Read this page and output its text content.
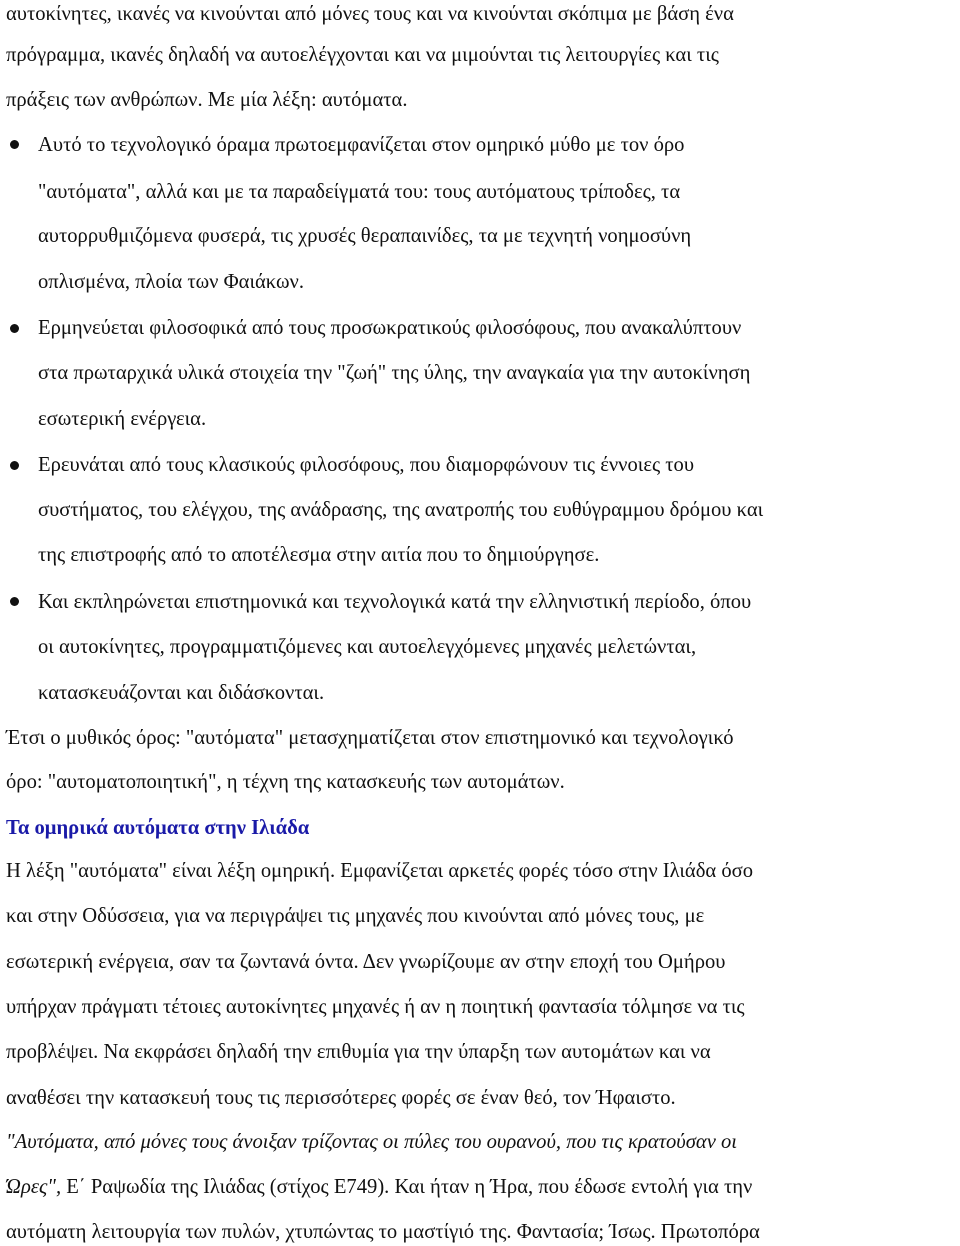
αυτοκίνητες, ικανές να κινούνται από μόνες τους και να κινούνται σκόπιμα με βάση ένα
πρόγραμμα, ικανές δηλαδή να αυτοελέγχονται και να μιμούνται τις λειτουργίες και τις
πράξεις των ανθρώπων. Με μία λέξη: αυτόματα.
Αυτό το τεχνολογικό όραμα πρωτοεμφανίζεται στον ομηρικό μύθο με τον όρο
"αυτόματα", αλλά και με τα παραδείγματά του: τους αυτόματους τρίποδες, τα
αυτορρυθμιζόμενα φυσερά, τις χρυσές θεραπαινίδες, τα με τεχνητή νοημοσύνη
οπλισμένα, πλοία των Φαιάκων.
Ερμηνεύεται φιλοσοφικά από τους προσωκρατικούς φιλοσόφους, που ανακαλύπτουν
στα πρωταρχικά υλικά στοιχεία την "ζωή" της ύλης, την αναγκαία για την αυτοκίνηση
εσωτερική ενέργεια.
Ερευνάται από τους κλασικούς φιλοσόφους, που διαμορφώνουν τις έννοιες του
συστήματος, του ελέγχου, της ανάδρασης, της ανατροπής του ευθύγραμμου δρόμου και
της επιστροφής από το αποτέλεσμα στην αιτία που το δημιούργησε.
Και εκπληρώνεται επιστημονικά και τεχνολογικά κατά την ελληνιστική περίοδο, όπου
οι αυτοκίνητες, προγραμματιζόμενες και αυτοελεγχόμενες μηχανές μελετώνται,
κατασκευάζονται και διδάσκονται.
Έτσι ο μυθικός όρος: "αυτόματα" μετασχηματίζεται στον επιστημονικό και τεχνολογικό
όρο: "αυτοματοποιητική", η τέχνη της κατασκευής των αυτομάτων.
Τα ομηρικά αυτόματα στην Ιλιάδα
Η λέξη "αυτόματα" είναι λέξη ομηρική. Εμφανίζεται αρκετές φορές τόσο στην Ιλιάδα όσο
και στην Οδύσσεια, για να περιγράψει τις μηχανές που κινούνται από μόνες τους, με
εσωτερική ενέργεια, σαν τα ζωντανά όντα. Δεν γνωρίζουμε αν στην εποχή του Ομήρου
υπήρχαν πράγματι τέτοιες αυτοκίνητες μηχανές ή αν η ποιητική φαντασία τόλμησε να τις
προβλέψει. Να εκφράσει δηλαδή την επιθυμία για την ύπαρξη των αυτομάτων και να
αναθέσει την κατασκευή τους τις περισσότερες φορές σε έναν θεό, τον Ήφαιστο.
"Αυτόματα, από μόνες τους άνοιξαν τρίζοντας οι πύλες του ουρανού, που τις κρατούσαν οι
Ώρες", Ε΄ Ραψωδία της Ιλιάδας (στίχος Ε749). Και ήταν η Ήρα, που έδωσε εντολή για την
αυτόματη λειτουργία των πυλών, χτυπώντας το μαστίγιό της. Φαντασία; Ίσως. Πρωτοπόρα
